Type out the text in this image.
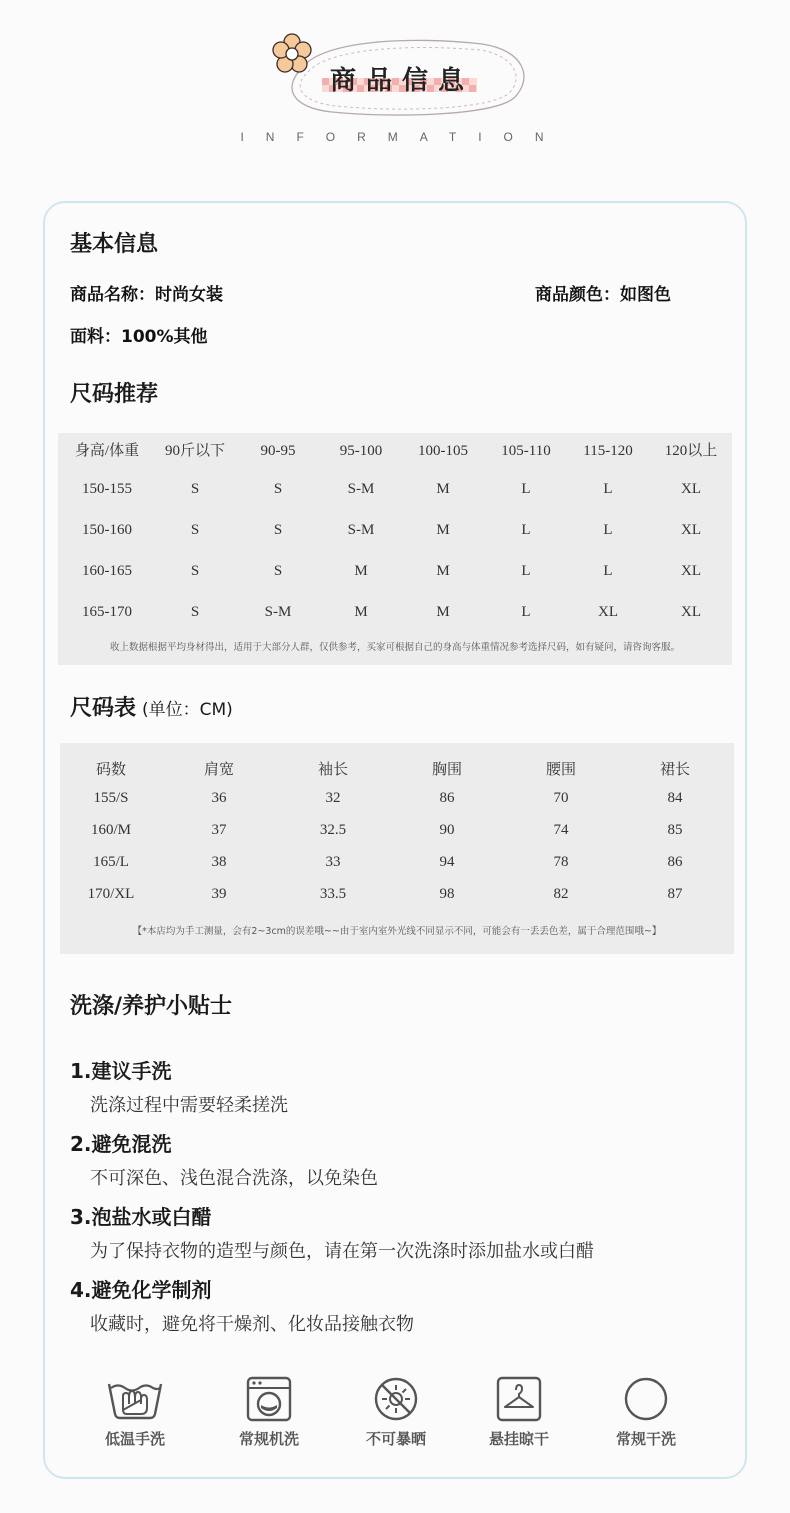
商品信息
INFORMATION
基本信息
商品名称：时尚女装	商品颜色：如图色
面料：100%其他
尺码推荐
身高/体重	90斤以下	90-95	95-100	100-105	105-110	115-120	120以上
150-155	S	S	S-M	M	L	L	XL
150-160	S	S	S-M	M	L	L	XL
160-165	S	S	M	M	L	L	XL
165-170	S	S-M	M	M	L	XL	XL
收上数据根据平均身材得出，适用于大部分人群，仅供参考，买家可根据自己的身高与体重情况参考选择尺码，如有疑问，请咨询客服。
尺码表 (单位：CM)
码数	肩宽	袖长	胸围	腰围	裙长
155/S	36	32	86	70	84
160/M	37	32.5	90	74	85
165/L	38	33	94	78	86
170/XL	39	33.5	98	82	87
【*本店均为手工测量，会有2~3cm的误差哦~~由于室内室外光线不同显示不同，可能会有一丢丢色差，属于合理范围哦~】
洗涤/养护小贴士
1.建议手洗
洗涤过程中需要轻柔搓洗
2.避免混洗
不可深色、浅色混合洗涤，以免染色
3.泡盐水或白醋
为了保持衣物的造型与颜色，请在第一次洗涤时添加盐水或白醋
4.避免化学制剂
收藏时，避免将干燥剂、化妆品接触衣物
低温手洗	常规机洗	不可暴晒	悬挂晾干	常规干洗
